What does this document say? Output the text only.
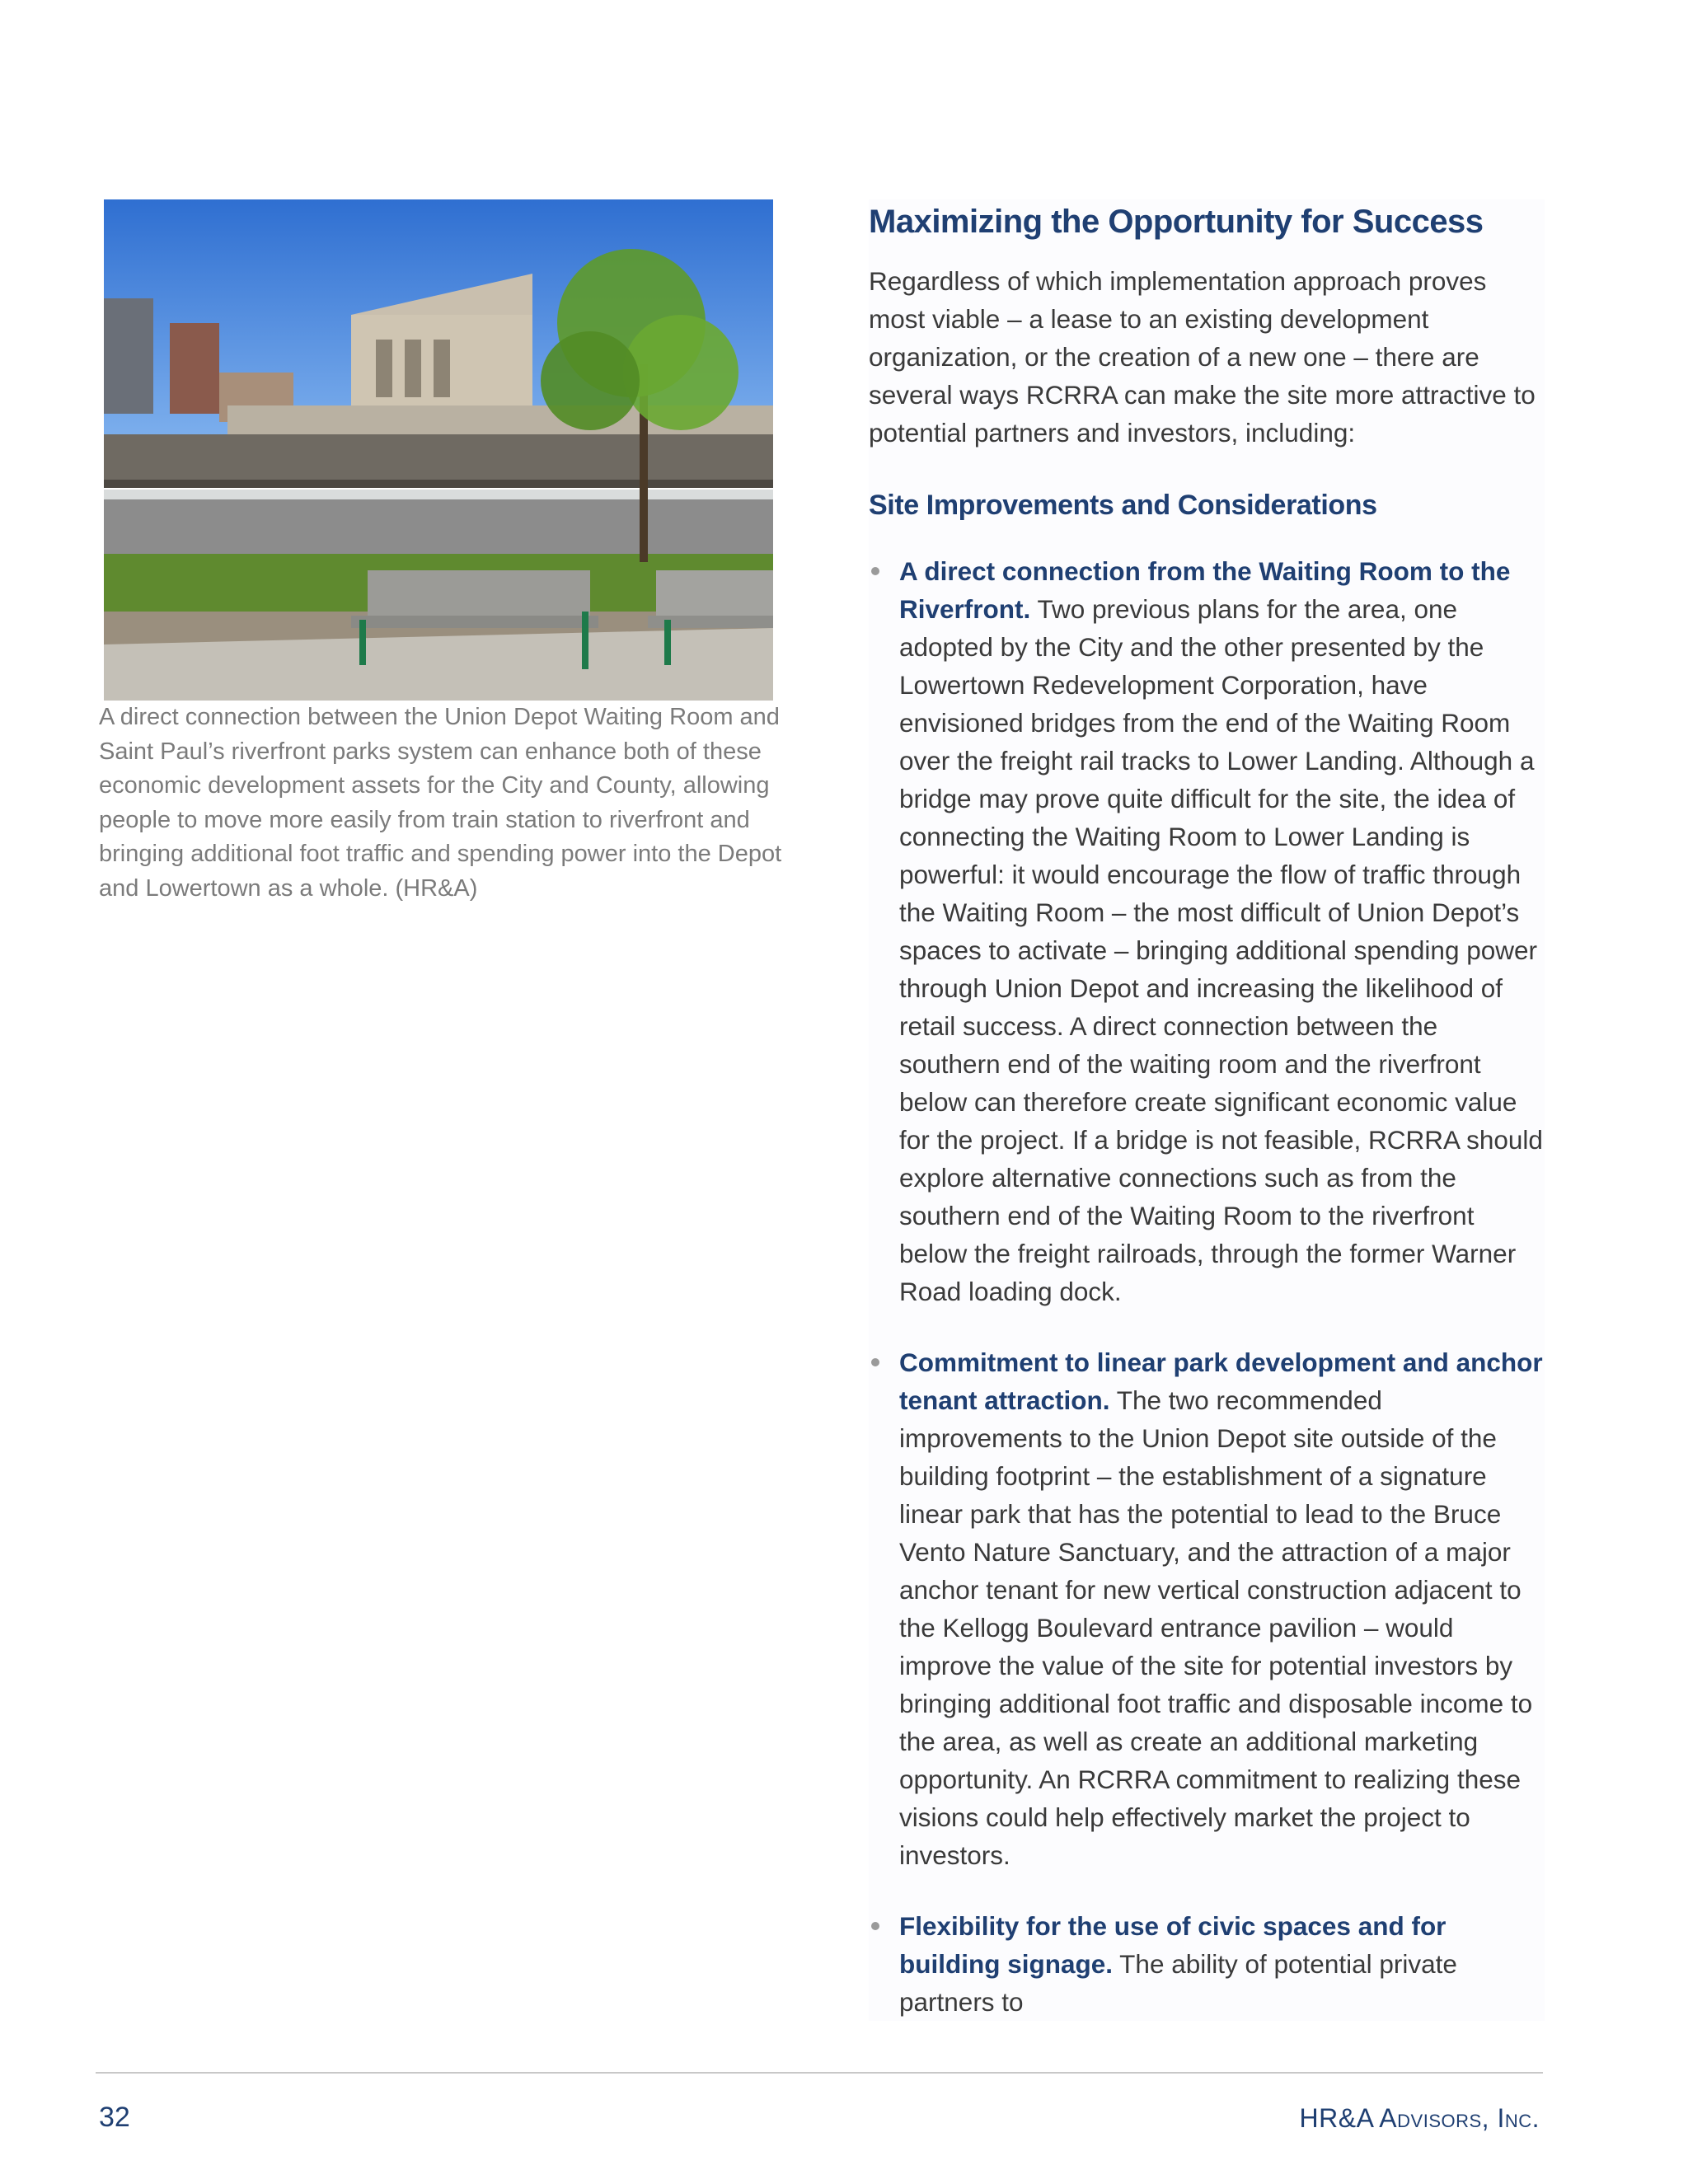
A direct connection between the Union Depot Waiting Room and Saint Paul’s riverfront parks system can enhance both of these economic development assets for the City and County, allowing people to move more easily from train station to riverfront and bringing additional foot traffic and spending power into the Depot and Lowertown as a whole. (HR&A)
Maximizing the Opportunity for Success

Regardless of which implementation approach proves most viable – a lease to an existing development organization, or the creation of a new one – there are several ways RCRRA can make the site more attractive to potential partners and investors, including:

Site Improvements and Considerations
A direct connection from the Waiting Room to the Riverfront. Two previous plans for the area, one adopted by the City and the other presented by the Lowertown Redevelopment Corporation, have envisioned bridges from the end of the Waiting Room over the freight rail tracks to Lower Landing. Although a bridge may prove quite difficult for the site, the idea of connecting the Waiting Room to Lower Landing is powerful: it would encourage the flow of traffic through the Waiting Room – the most difficult of Union Depot’s spaces to activate – bringing additional spending power through Union Depot and increasing the likelihood of retail success. A direct connection between the southern end of the waiting room and the riverfront below can therefore create significant economic value for the project. If a bridge is not feasible, RCRRA should explore alternative connections such as from the southern end of the Waiting Room to the riverfront below the freight railroads, through the former Warner Road loading dock.
Commitment to linear park development and anchor tenant attraction. The two recommended improvements to the Union Depot site outside of the building footprint – the establishment of a signature linear park that has the potential to lead to the Bruce Vento Nature Sanctuary, and the attraction of a major anchor tenant for new vertical construction adjacent to the Kellogg Boulevard entrance pavilion – would improve the value of the site for potential investors by bringing additional foot traffic and disposable income to the area, as well as create an additional marketing opportunity. An RCRRA commitment to realizing these visions could help effectively market the project to investors.
Flexibility for the use of civic spaces and for building signage. The ability of potential private partners to
32	HR&A Advisors, Inc.
